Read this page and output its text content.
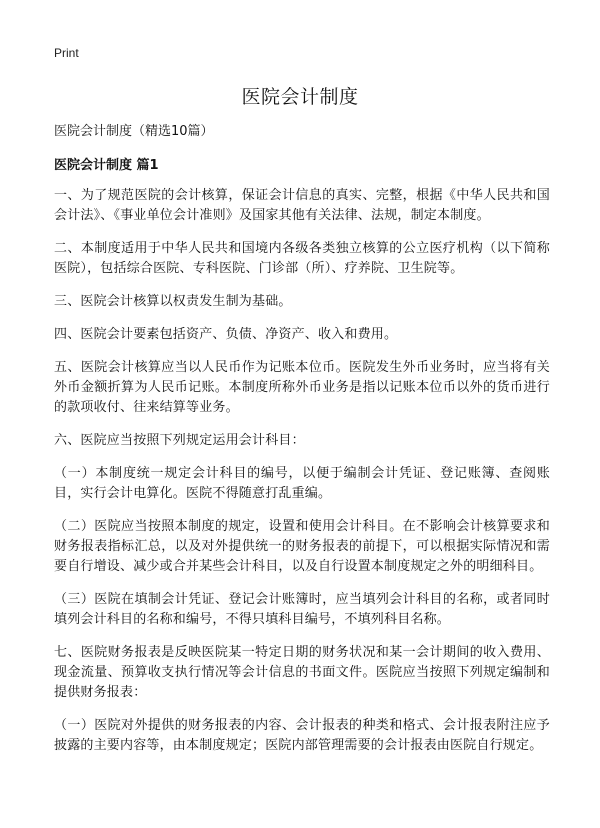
Print
医院会计制度

医院会计制度（精选10篇）

医院会计制度 篇1

一、为了规范医院的会计核算，保证会计信息的真实、完整，根据《中华人民共和国会计法》、《事业单位会计准则》及国家其他有关法律、法规，制定本制度。

二、本制度适用于中华人民共和国境内各级各类独立核算的公立医疗机构（以下简称医院），包括综合医院、专科医院、门诊部（所）、疗养院、卫生院等。

三、医院会计核算以权责发生制为基础。

四、医院会计要素包括资产、负债、净资产、收入和费用。

五、医院会计核算应当以人民币作为记账本位币。医院发生外币业务时，应当将有关外币金额折算为人民币记账。本制度所称外币业务是指以记账本位币以外的货币进行的款项收付、往来结算等业务。

六、医院应当按照下列规定运用会计科目：

（一）本制度统一规定会计科目的编号，以便于编制会计凭证、登记账簿、查阅账目，实行会计电算化。医院不得随意打乱重编。

（二）医院应当按照本制度的规定，设置和使用会计科目。在不影响会计核算要求和财务报表指标汇总，以及对外提供统一的财务报表的前提下，可以根据实际情况和需要自行增设、减少或合并某些会计科目，以及自行设置本制度规定之外的明细科目。

（三）医院在填制会计凭证、登记会计账簿时，应当填列会计科目的名称，或者同时填列会计科目的名称和编号，不得只填科目编号，不填列科目名称。

七、医院财务报表是反映医院某一特定日期的财务状况和某一会计期间的收入费用、现金流量、预算收支执行情况等会计信息的书面文件。医院应当按照下列规定编制和提供财务报表：

（一）医院对外提供的财务报表的内容、会计报表的种类和格式、会计报表附注应予披露的主要内容等，由本制度规定；医院内部管理需要的会计报表由医院自行规定。
